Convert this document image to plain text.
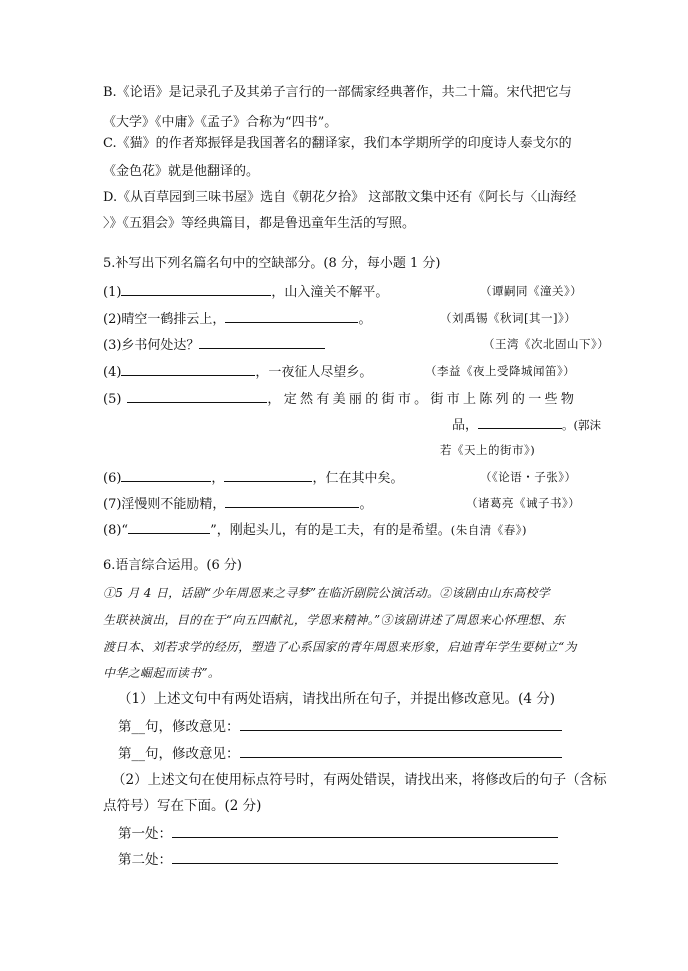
B.《论语》是记录孔子及其弟子言行的一部儒家经典著作，共二十篇。宋代把它与
《大学》《中庸》《孟子》合称为“四书”。
C.《猫》的作者郑振铎是我国著名的翻译家，我们本学期所学的印度诗人泰戈尔的
《金色花》就是他翻译的。
D.《从百草园到三味书屋》选自《朝花夕拾》 这部散文集中还有《阿长与〈山海经
〉》《五猖会》等经典篇目，都是鲁迅童年生活的写照。
5.补写出下列名篇名句中的空缺部分。(8 分，每小题 1 分)
(1)	，山入潼关不解平。	（谭嗣同《潼关》）
(2)晴空一鹤排云上，	。	（刘禹锡《秋词[其一]》）
(3)乡书何处达？	（王湾《次北固山下》）
(4)	，一夜征人尽望乡。	（李益《夜上受降城闻笛》）
(5)	，定然有美丽的街市。街市上陈列的一些物
品，	。(郭沫
若《天上的街市》)
(6)	，	，仁在其中矣。	（《论语・子张》）
(7)淫慢则不能励精，	。	（诸葛亮《诫子书》）
(8)“	”，刚起头儿，有的是工夫，有的是希望。(朱自清《春》)
6.语言综合运用。(6 分)
①5 月 4 日，话剧“少年周恩来之寻梦”在临沂剧院公演活动。②该剧由山东高校学
生联袂演出，目的在于“向五四献礼，学恩来精神。”③该剧讲述了周恩来心怀理想、东
渡日本、刘若求学的经历，塑造了心系国家的青年周恩来形象，启迪青年学生要树立“为
中华之崛起而读书”。
（1）上述文句中有两处语病，请找出所在句子，并提出修改意见。(4 分)
第__句，修改意见：
第__句，修改意见：
（2）上述文句在使用标点符号时，有两处错误，请找出来，将修改后的句子（含标
点符号）写在下面。(2 分)
第一处：
第二处：
